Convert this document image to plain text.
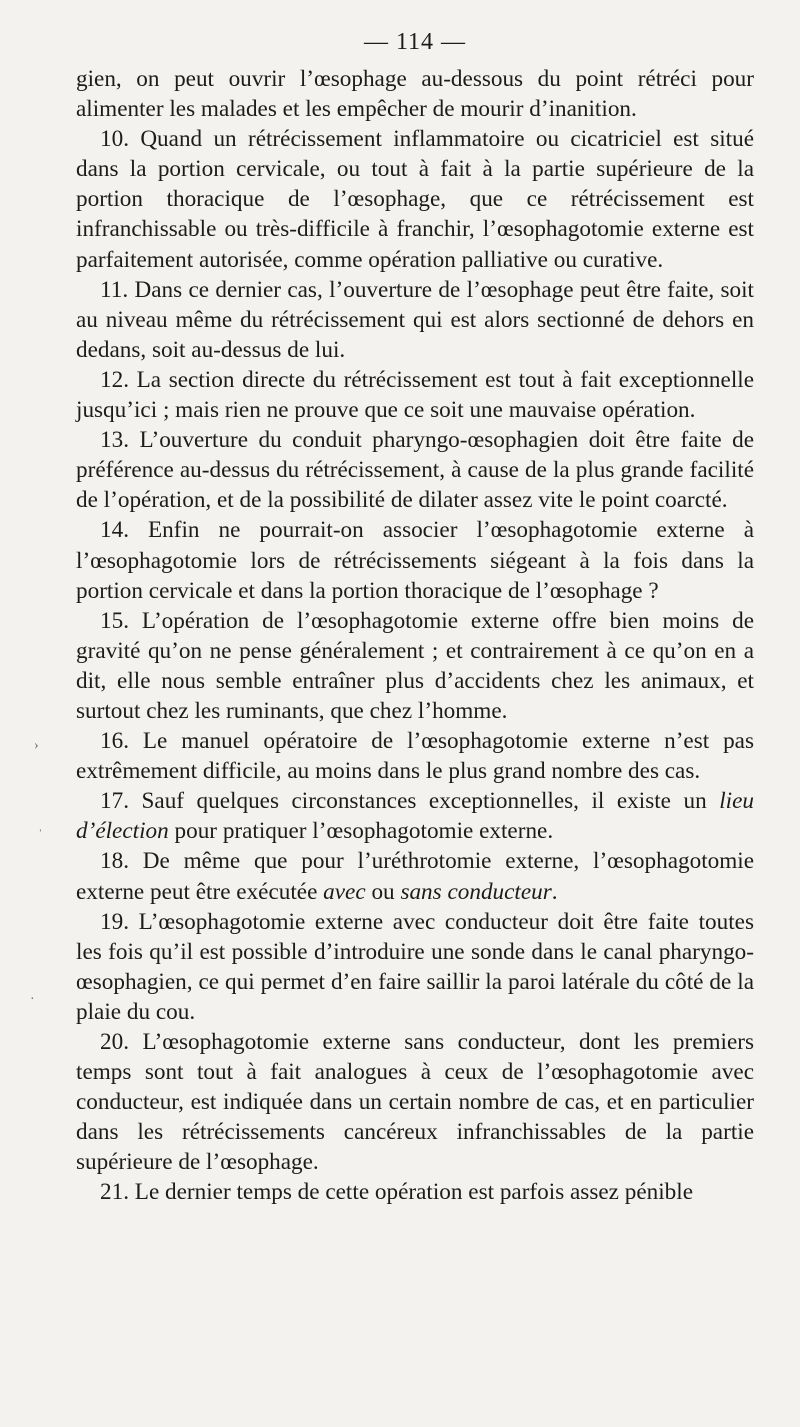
— 114 —

gien, on peut ouvrir l’œsophage au-dessous du point rétréci pour alimenter les malades et les empêcher de mourir d’inanition.

10. Quand un rétrécissement inflammatoire ou cicatriciel est situé dans la portion cervicale, ou tout à fait à la partie supérieure de la portion thoracique de l’œsophage, que ce rétrécissement est infranchissable ou très-difficile à franchir, l’œsophagotomie externe est parfaitement autorisée, comme opération palliative ou curative.

11. Dans ce dernier cas, l’ouverture de l’œsophage peut être faite, soit au niveau même du rétrécissement qui est alors sectionné de dehors en dedans, soit au-dessus de lui.

12. La section directe du rétrécissement est tout à fait exceptionnelle jusqu’ici ; mais rien ne prouve que ce soit une mauvaise opération.

13. L’ouverture du conduit pharyngo-œsophagien doit être faite de préférence au-dessus du rétrécissement, à cause de la plus grande facilité de l’opération, et de la possibilité de dilater assez vite le point coarcté.

14. Enfin ne pourrait-on associer l’œsophagotomie externe à l’œsophagotomie lors de rétrécissements siégeant à la fois dans la portion cervicale et dans la portion thoracique de l’œsophage ?

15. L’opération de l’œsophagotomie externe offre bien moins de gravité qu’on ne pense généralement ; et contrairement à ce qu’on en a dit, elle nous semble entraîner plus d’accidents chez les animaux, et surtout chez les ruminants, que chez l’homme.

16. Le manuel opératoire de l’œsophagotomie externe n’est pas extrêmement difficile, au moins dans le plus grand nombre des cas.

17. Sauf quelques circonstances exceptionnelles, il existe un lieu d’élection pour pratiquer l’œsophagotomie externe.

18. De même que pour l’uréthrotomie externe, l’œsophagotomie externe peut être exécutée avec ou sans conducteur.

19. L’œsophagotomie externe avec conducteur doit être faite toutes les fois qu’il est possible d’introduire une sonde dans le canal pharyngo-œsophagien, ce qui permet d’en faire saillir la paroi latérale du côté de la plaie du cou.

20. L’œsophagotomie externe sans conducteur, dont les premiers temps sont tout à fait analogues à ceux de l’œsophagotomie avec conducteur, est indiquée dans un certain nombre de cas, et en particulier dans les rétrécissements cancéreux infranchissables de la partie supérieure de l’œsophage.

21. Le dernier temps de cette opération est parfois assez pénible

›
ˈ
·
